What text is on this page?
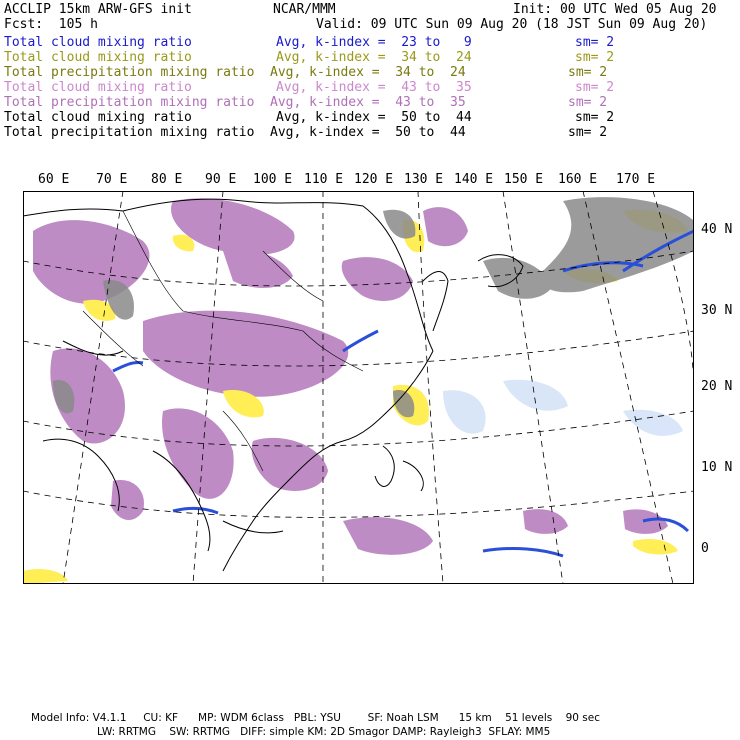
ACCLIP 15km ARW-GFS init	NCAR/MMM	Init: 00 UTC Wed 05 Aug 20
Fcst:  105 h	Valid: 09 UTC Sun 09 Aug 20 (18 JST Sun 09 Aug 20)
Total cloud mixing ratio	Avg, k-index =  23 to   9	sm= 2
Total cloud mixing ratio	Avg, k-index =  34 to  24	sm= 2
Total precipitation mixing ratio Avg, k-index =  34 to  24	sm= 2
Total cloud mixing ratio	Avg, k-index =  43 to  35	sm= 2
Total precipitation mixing ratio Avg, k-index =  43 to  35	sm= 2
Total cloud mixing ratio	Avg, k-index =  50 to  44	sm= 2
Total precipitation mixing ratio Avg, k-index =  50 to  44	sm= 2
60 E 70 E 80 E 90 E 100 E 110 E 120 E 130 E 140 E 150 E 160 E 170 E
40 N
30 N
20 N
10 N
0
Model Info: V4.1.1     CU: KF      MP: WDM 6class   PBL: YSU        SF: Noah LSM      15 km    51 levels    90 sec
LW: RRTMG    SW: RRTMG   DIFF: simple KM: 2D Smagor DAMP: Rayleigh3  SFLAY: MM5
